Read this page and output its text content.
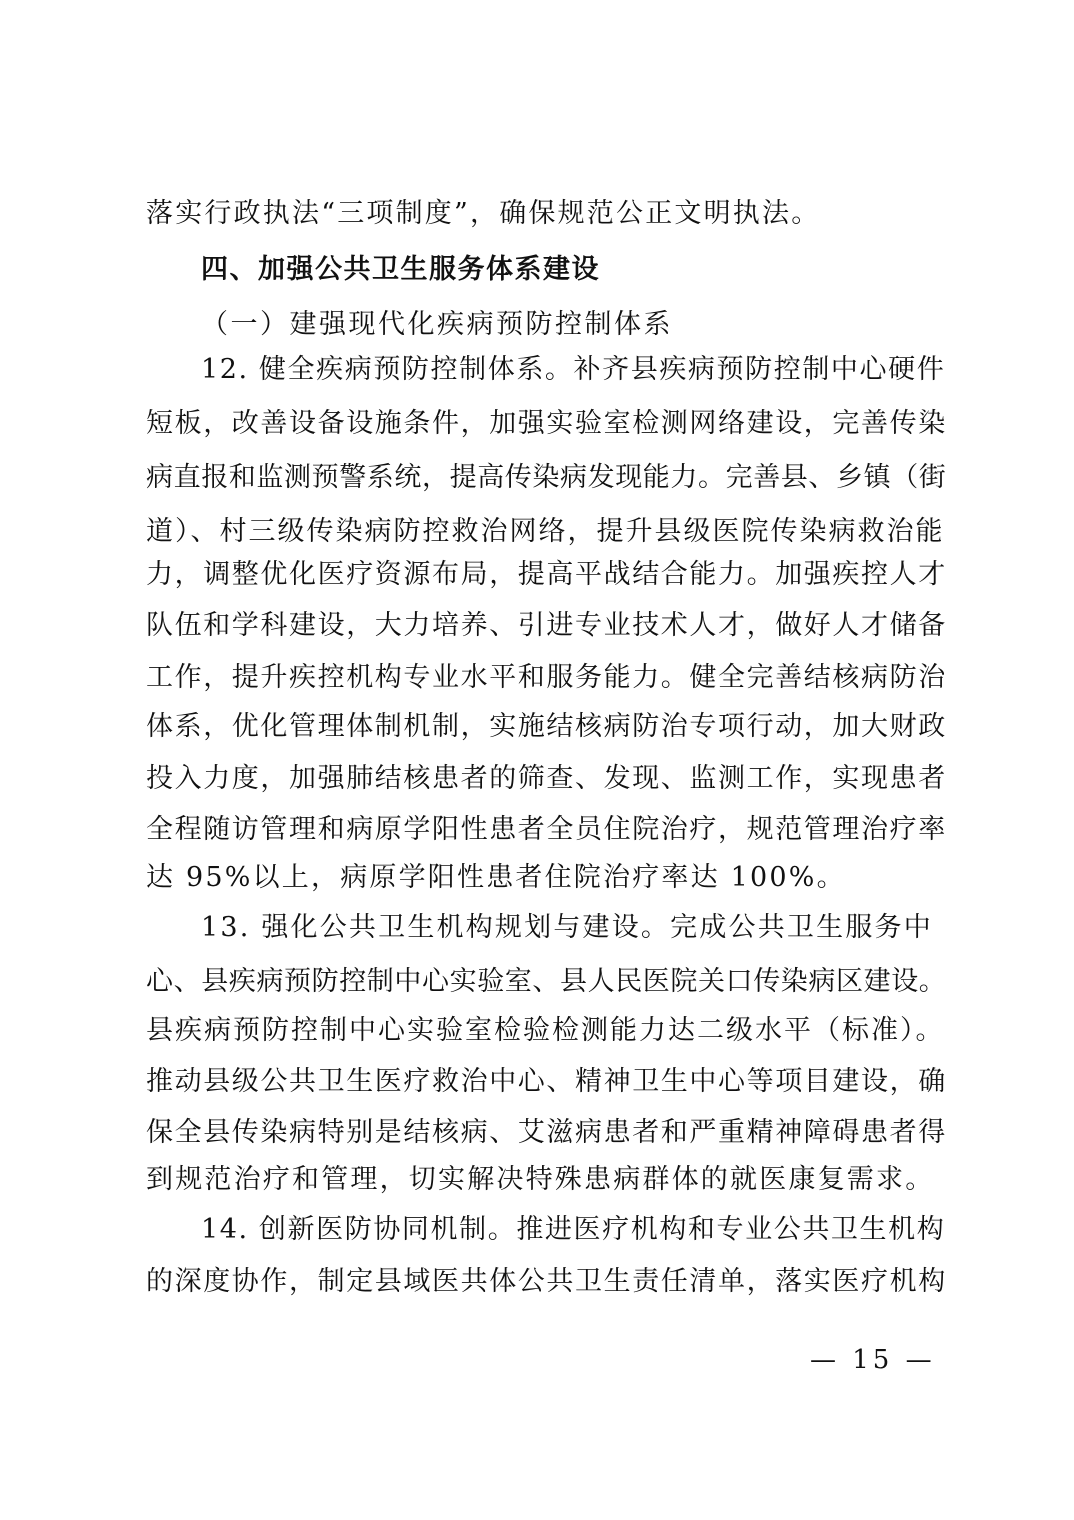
落实行政执法“三项制度”，确保规范公正文明执法。
四、加强公共卫生服务体系建设
（一）建强现代化疾病预防控制体系
12. 健全疾病预防控制体系。补齐县疾病预防控制中心硬件
短板，改善设备设施条件，加强实验室检测网络建设，完善传染
病直报和监测预警系统，提高传染病发现能力。完善县、乡镇（街
道）、村三级传染病防控救治网络，提升县级医院传染病救治能
力，调整优化医疗资源布局，提高平战结合能力。加强疾控人才
队伍和学科建设，大力培养、引进专业技术人才，做好人才储备
工作，提升疾控机构专业水平和服务能力。健全完善结核病防治
体系，优化管理体制机制，实施结核病防治专项行动，加大财政
投入力度，加强肺结核患者的筛查、发现、监测工作，实现患者
全程随访管理和病原学阳性患者全员住院治疗，规范管理治疗率
达 95%以上，病原学阳性患者住院治疗率达 100%。
13. 强化公共卫生机构规划与建设。完成公共卫生服务中
心、县疾病预防控制中心实验室、县人民医院关口传染病区建设。
县疾病预防控制中心实验室检验检测能力达二级水平（标准）。
推动县级公共卫生医疗救治中心、精神卫生中心等项目建设，确
保全县传染病特别是结核病、艾滋病患者和严重精神障碍患者得
到规范治疗和管理，切实解决特殊患病群体的就医康复需求。
14. 创新医防协同机制。推进医疗机构和专业公共卫生机构
的深度协作，制定县域医共体公共卫生责任清单，落实医疗机构
— 15 —
